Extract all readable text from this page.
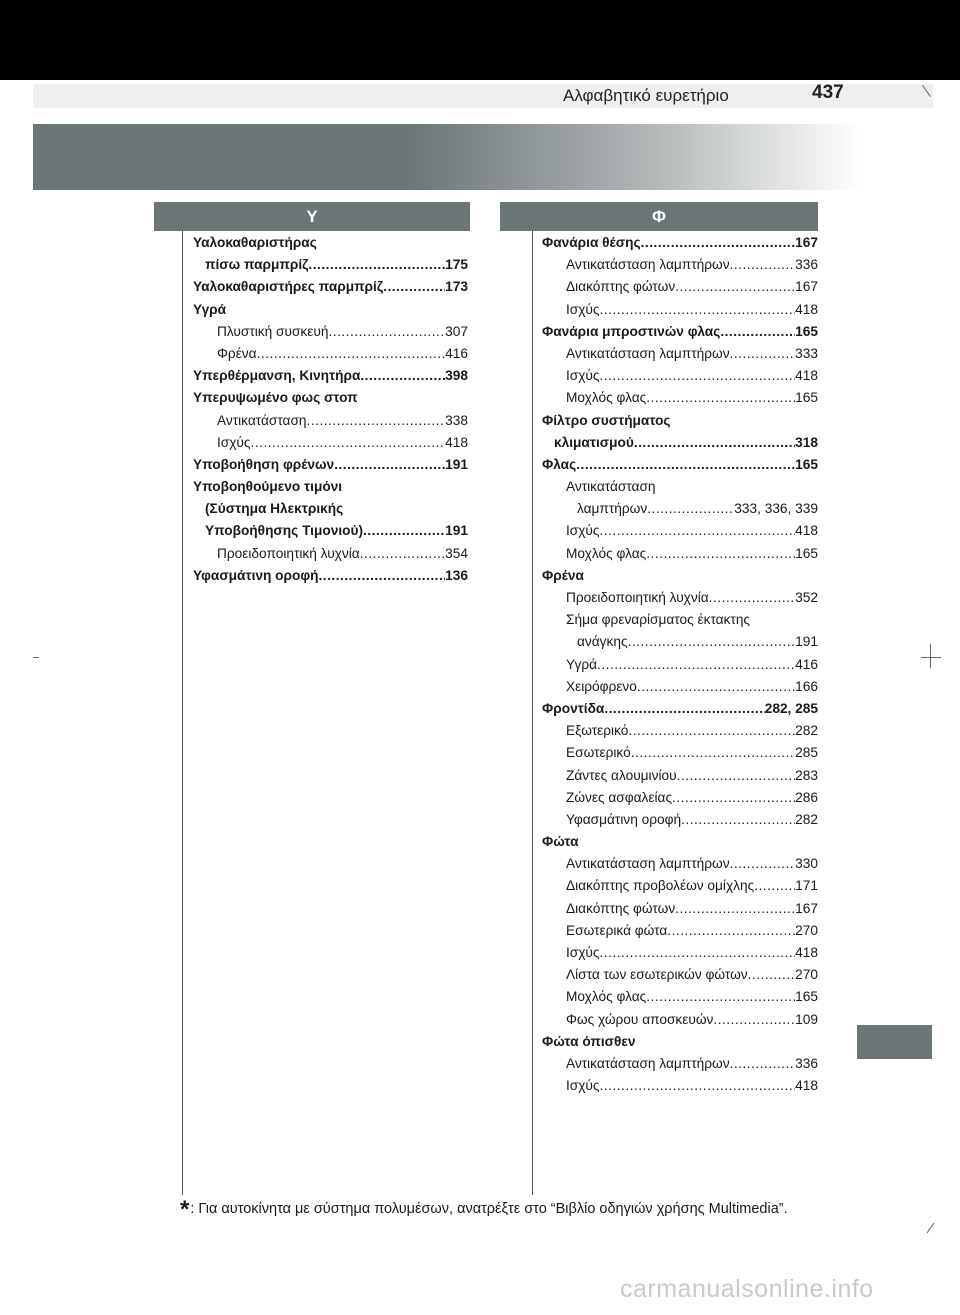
Αλφαβητικό ευρετήριο	437
Υ	Φ
Υαλοκαθαριστήρας
πίσω παρμπρίζ .....	175
Υαλοκαθαριστήρες παρμπρίζ .....	173
Υγρά
Πλυστική συσκευή .....	307
Φρένα .....	416
Υπερθέρμανση, Κινητήρα .....	398
Υπερυψωμένο φως στοπ
Αντικατάσταση .....	338
Ισχύς .....	418
Υποβοήθηση φρένων .....	191
Υποβοηθούμενο τιμόνι
(Σύστημα Ηλεκτρικής
Υποβοήθησης Τιμονιού) .....	191
Προειδοποιητική λυχνία .....	354
Υφασμάτινη οροφή .....	136
Φανάρια θέσης .....	167
Αντικατάσταση λαμπτήρων .....	336
Διακόπτης φώτων .....	167
Ισχύς .....	418
Φανάρια μπροστινών φλας .....	165
Αντικατάσταση λαμπτήρων .....	333
Ισχύς .....	418
Μοχλός φλας .....	165
Φίλτρο συστήματος
κλιματισμού .....	318
Φλας .....	165
Αντικατάσταση
λαμπτήρων .....	333, 336, 339
Ισχύς .....	418
Μοχλός φλας .....	165
Φρένα
Προειδοποιητική λυχνία .....	352
Σήμα φρεναρίσματος έκτακτης
ανάγκης .....	191
Υγρά .....	416
Χειρόφρενο .....	166
Φροντίδα .....	282, 285
Εξωτερικό .....	282
Εσωτερικό .....	285
Ζάντες αλουμινίου .....	283
Ζώνες ασφαλείας .....	286
Υφασμάτινη οροφή .....	282
Φώτα
Αντικατάσταση λαμπτήρων .....	330
Διακόπτης προβολέων ομίχλης .....	171
Διακόπτης φώτων .....	167
Εσωτερικά φώτα .....	270
Ισχύς .....	418
Λίστα των εσωτερικών φώτων .....	270
Μοχλός φλας .....	165
Φως χώρου αποσκευών .....	109
Φώτα όπισθεν
Αντικατάσταση λαμπτήρων .....	336
Ισχύς .....	418
*: Για αυτοκίνητα με σύστημα πολυμέσων, ανατρέξτε στο “Βιβλίο οδηγιών χρήσης Multimedia”.
carmanualsonline.info
